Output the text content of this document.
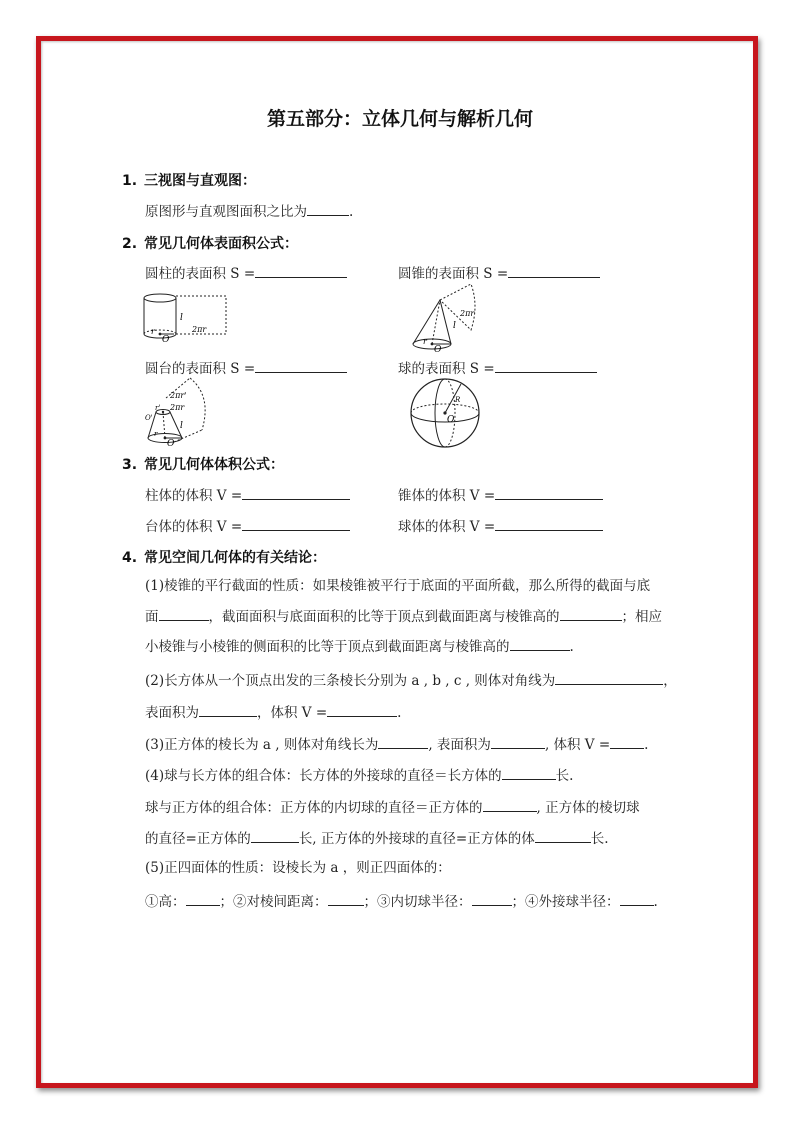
第五部分：立体几何与解析几何
1. 三视图与直观图：
原图形与直观图面积之比为	.
2. 常见几何体表面积公式：
圆柱的表面积 S =	圆锥的表面积 S =
l
2πr
r
O
2πr
l
r
O
圆台的表面积 S =	球的表面积 S =
2πr'
2πr
l
r'
r
O
O'
R
O
3. 常见几何体体积公式：
柱体的体积 V =	锥体的体积 V =
台体的体积 V =	球体的体积 V =
4. 常见空间几何体的有关结论：
(1)棱锥的平行截面的性质：如果棱锥被平行于底面的平面所截，那么所得的截面与底
面	，截面面积与底面面积的比等于顶点到截面距离与棱锥高的	；相应
小棱锥与小棱锥的侧面积的比等于顶点到截面距离与棱锥高的	.
(2)长方体从一个顶点出发的三条棱长分别为 a , b , c , 则体对角线为	，
表面积为	，体积 V =	.
(3)正方体的棱长为 a , 则体对角线长为	, 表面积为	, 体积 V =	.
(4)球与长方体的组合体：长方体的外接球的直径＝长方体的	长.
球与正方体的组合体：正方体的内切球的直径＝正方体的	, 正方体的棱切球
的直径=正方体的	长, 正方体的外接球的直径=正方体的体	长.
(5)正四面体的性质：设棱长为 a ，则正四面体的：
①高：	；②对棱间距离：	；③内切球半径：	；④外接球半径：	.
